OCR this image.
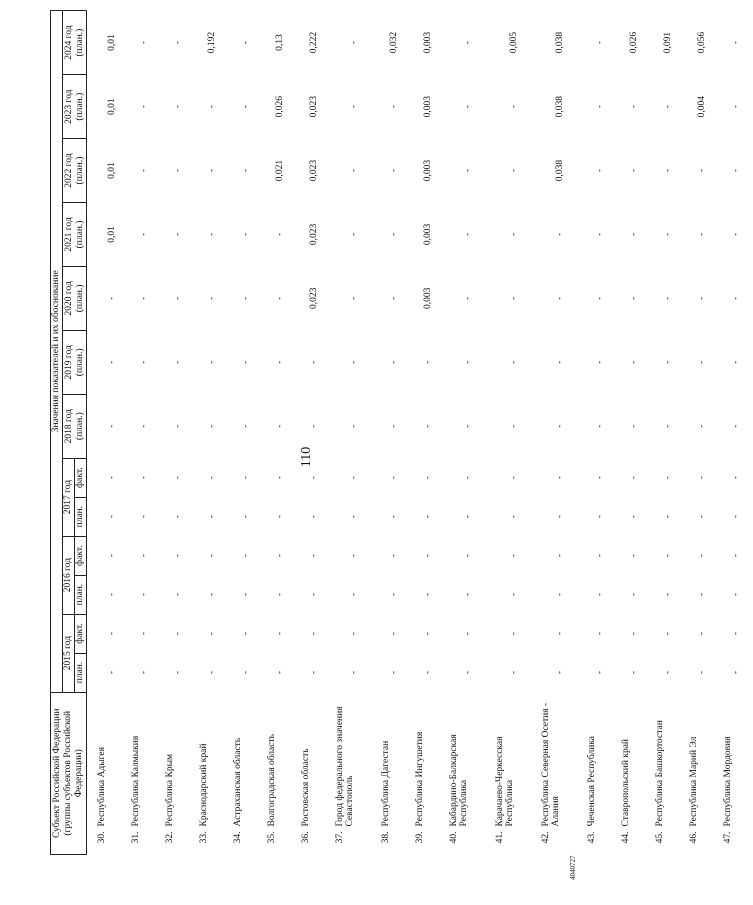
110
4040727
Субъект Российской Федерации (группы субъектов Российской Федерации)		Значения показателей и их обоснование												
		2015 год		2016 год		2017 год		2018 год (план.)	2019 год (план.)	2020 год (план.)	2021 год (план.)	2022 год (план.)	2023 год (план.)	2024 год (план.)
		план.	факт.	план.	факт.	план.	факт.							
30.	Республика Адыгея	-	-	-	-	-	-	-	-	-	0,01	0,01	0,01	0,01
31.	Республика Калмыкия	-	-	-	-	-	-	-	-	-	-	-	-	-
32.	Республика Крым	-	-	-	-	-	-	-	-	-	-	-	-	-
33.	Краснодарский край	-	-	-	-	-	-	-	-	-	-	-	-	0,192
34.	Астраханская область	-	-	-	-	-	-	-	-	-	-	-	-	-
35.	Волгоградская область	-	-	-	-	-	-	-	-	-	-	0,021	0,026	0,13
36.	Ростовская область	-	-	-	-	-	-	-	-	0,023	0,023	0,023	0,023	0,222
37.	Город федерального значения Севастополь	-	-	-	-	-	-	-	-	-	-	-	-	-
38.	Республика Дагестан	-	-	-	-	-	-	-	-	-	-	-	-	0,032
39.	Республика Ингушетия	-	-	-	-	-	-	-	-	0,003	0,003	0,003	0,003	0,003
40.	Кабардино-Балкарская Республика	-	-	-	-	-	-	-	-	-	-	-	-	-
41.	Карачаево-Черкесская Республика	-	-	-	-	-	-	-	-	-	-	-	-	0,005
42.	Республика Северная Осетия - Алания	-	-	-	-	-	-	-	-	-	-	0,038	0,038	0,038
43.	Чеченская Республика	-	-	-	-	-	-	-	-	-	-	-	-	-
44.	Ставропольский край	-	-	-	-	-	-	-	-	-	-	-	-	0,026
45.	Республика Башкортостан	-	-	-	-	-	-	-	-	-	-	-	-	0,091
46.	Республика Марий Эл	-	-	-	-	-	-	-	-	-	-	-	0,004	0,056
47.	Республика Мордовия	-	-	-	-	-	-	-	-	-	-	-	-	-
